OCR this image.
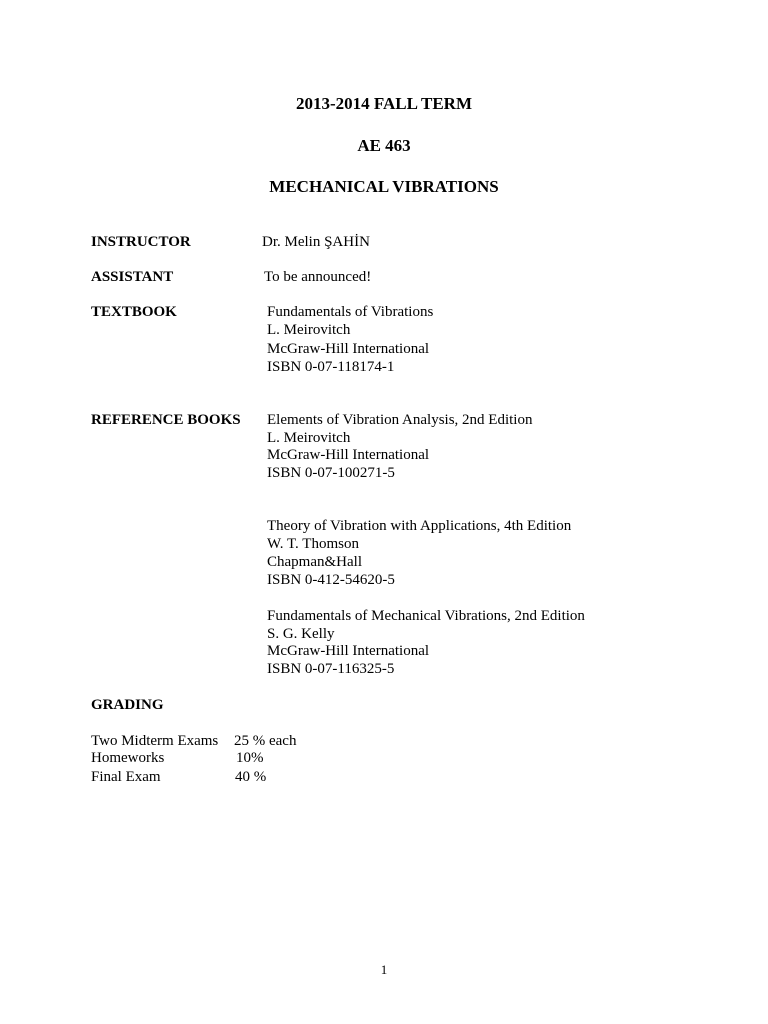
2013-2014 FALL TERM
AE 463
MECHANICAL VIBRATIONS
INSTRUCTOR	Dr. Melin ŞAHİN
ASSISTANT	To be announced!
TEXTBOOK	Fundamentals of Vibrations
L. Meirovitch
McGraw-Hill International
ISBN 0-07-118174-1
REFERENCE BOOKS Elements of Vibration Analysis, 2nd Edition
L. Meirovitch
McGraw-Hill International
ISBN 0-07-100271-5
Theory of Vibration with Applications, 4th Edition
W. T. Thomson
Chapman&Hall
ISBN 0-412-54620-5
Fundamentals of Mechanical Vibrations, 2nd Edition
S. G. Kelly
McGraw-Hill International
ISBN 0-07-116325-5
GRADING
Two Midterm Exams 25 % each
Homeworks	10%
Final Exam	40 %
1
